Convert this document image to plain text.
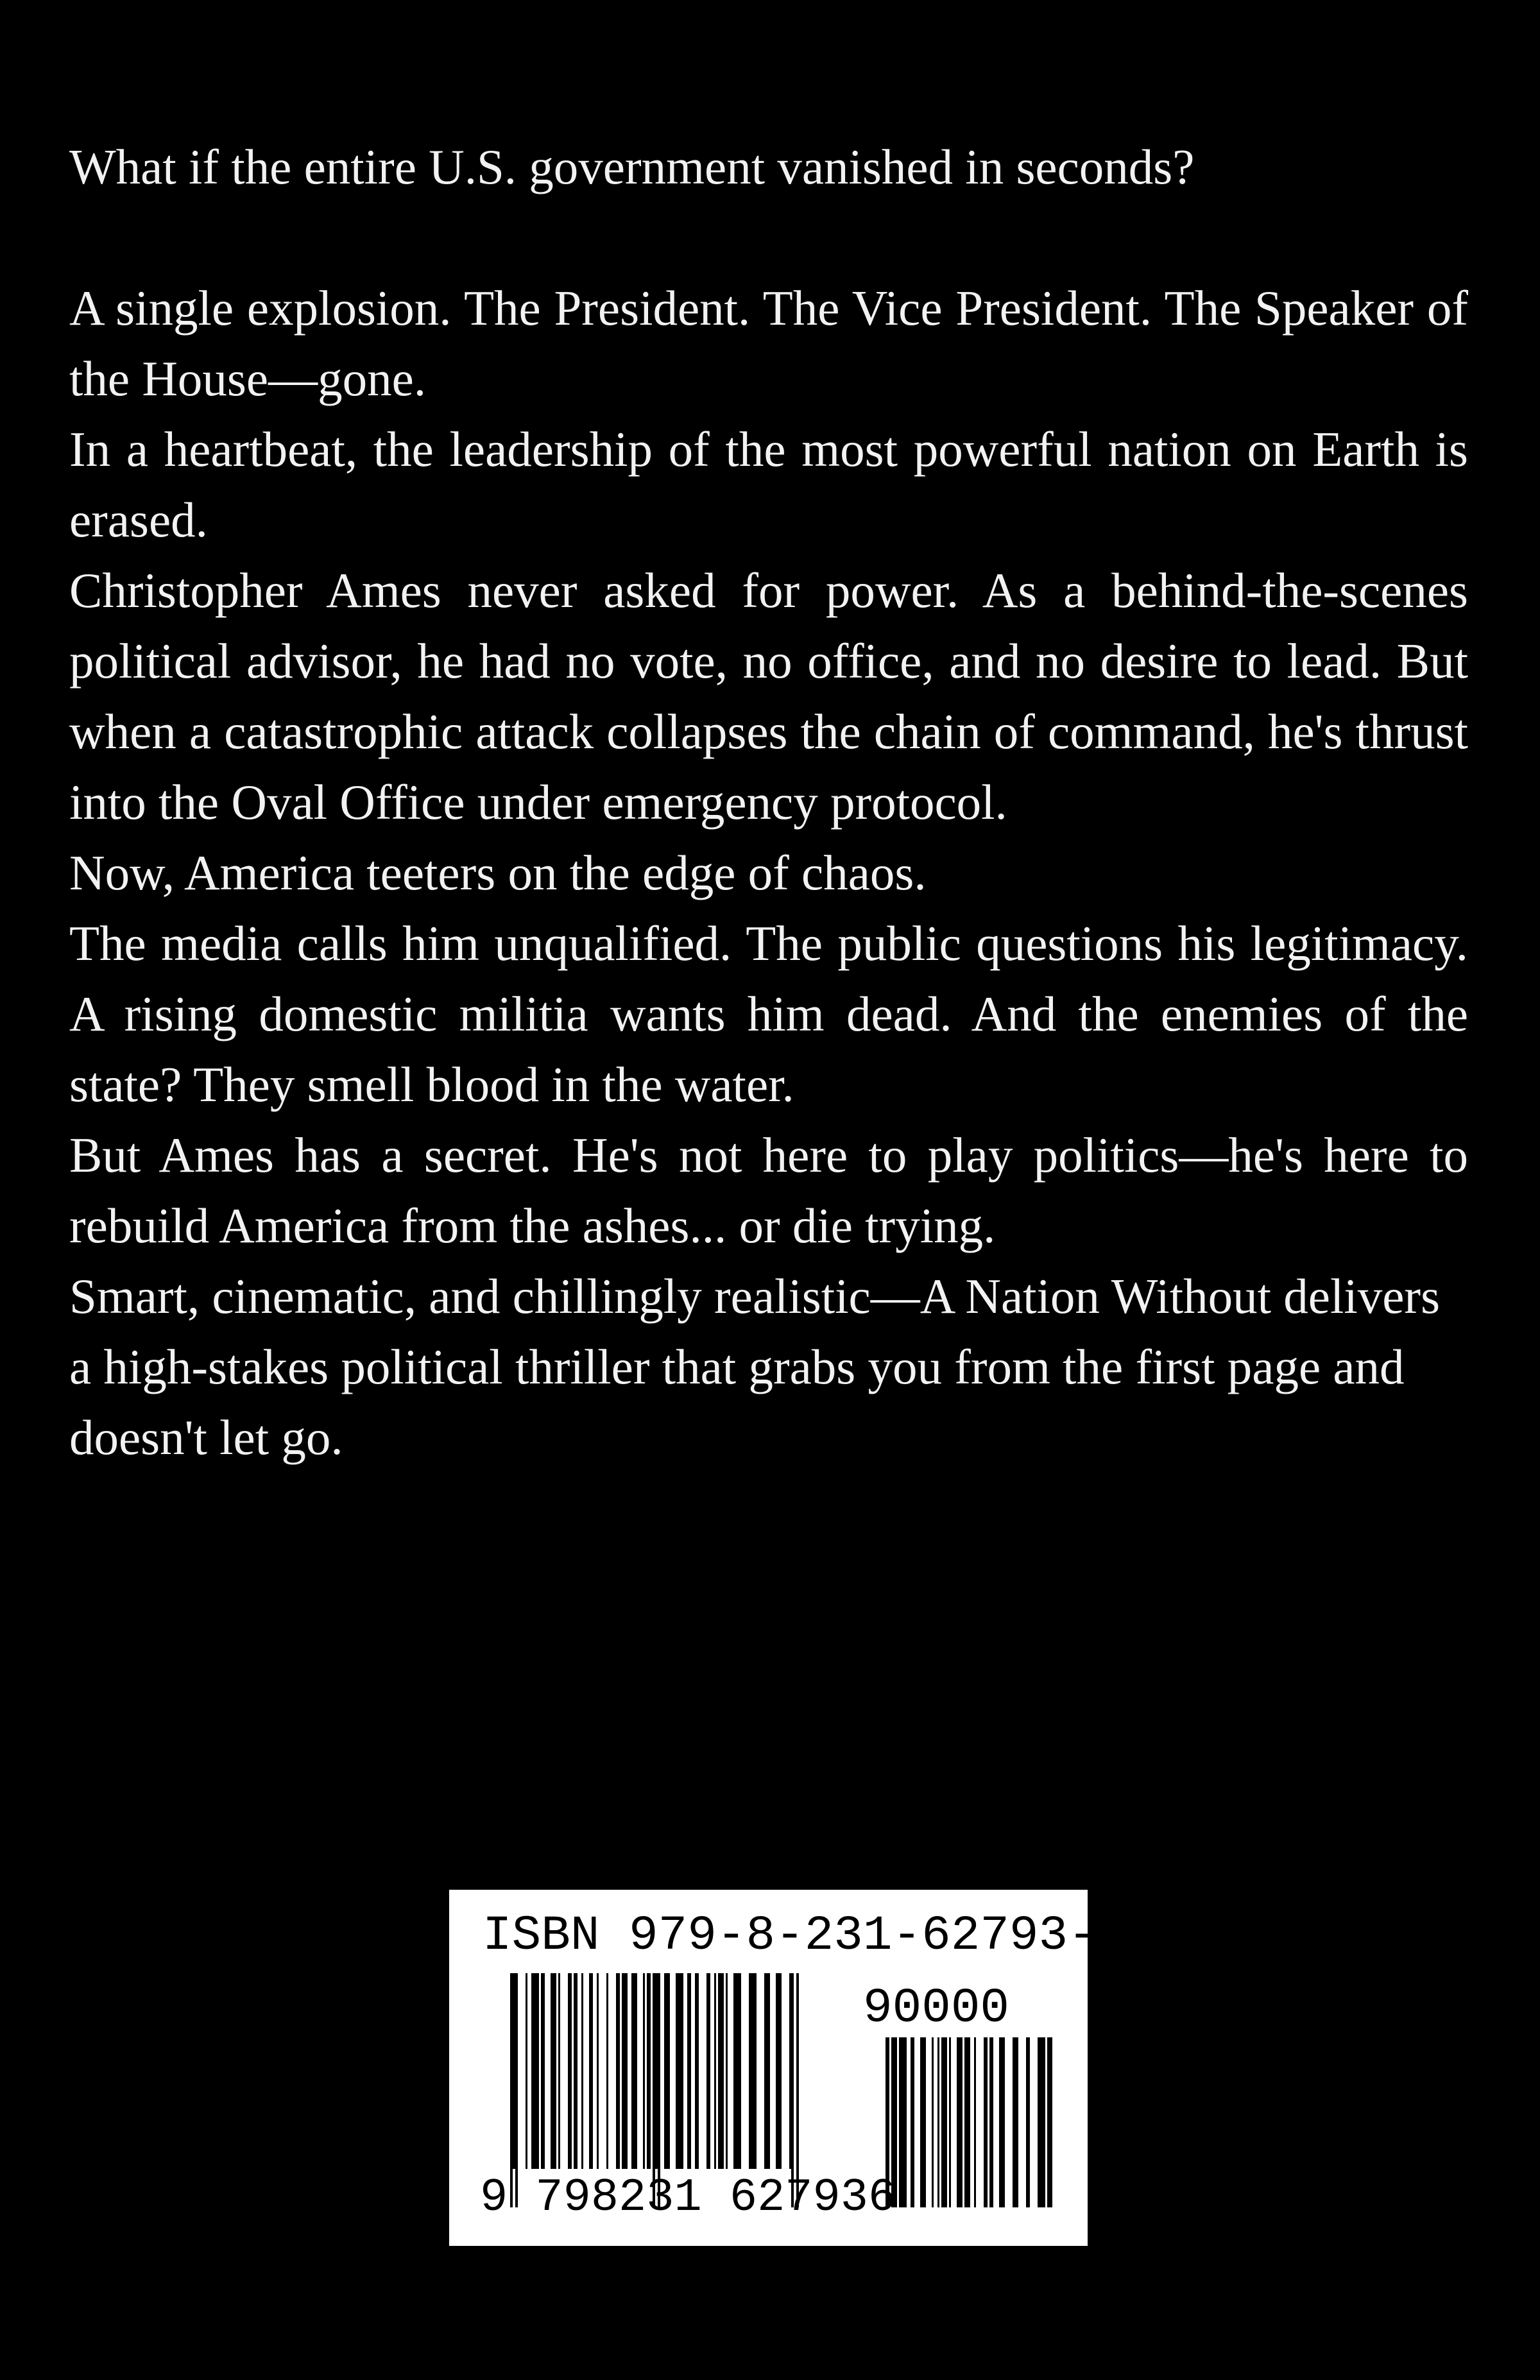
What if the entire U.S. government vanished in seconds?

A single explosion. The President. The Vice President. The Speaker of the House—gone.

In a heartbeat, the leadership of the most powerful nation on Earth is erased.

Christopher Ames never asked for power. As a behind-the-scenes political advisor, he had no vote, no office, and no desire to lead. But when a catastrophic attack collapses the chain of command, he's thrust into the Oval Office under emergency protocol.

Now, America teeters on the edge of chaos.

The media calls him unqualified. The public questions his legitimacy. A rising domestic militia wants him dead. And the enemies of the state? They smell blood in the water.

But Ames has a secret. He's not here to play politics—he's here to rebuild America from the ashes... or die trying.

Smart, cinematic, and chillingly realistic—A Nation Without delivers a high-stakes political thriller that grabs you from the first page and doesn't let go.

ISBN 979-8-231-62793-6
90000
9 798231 627936
